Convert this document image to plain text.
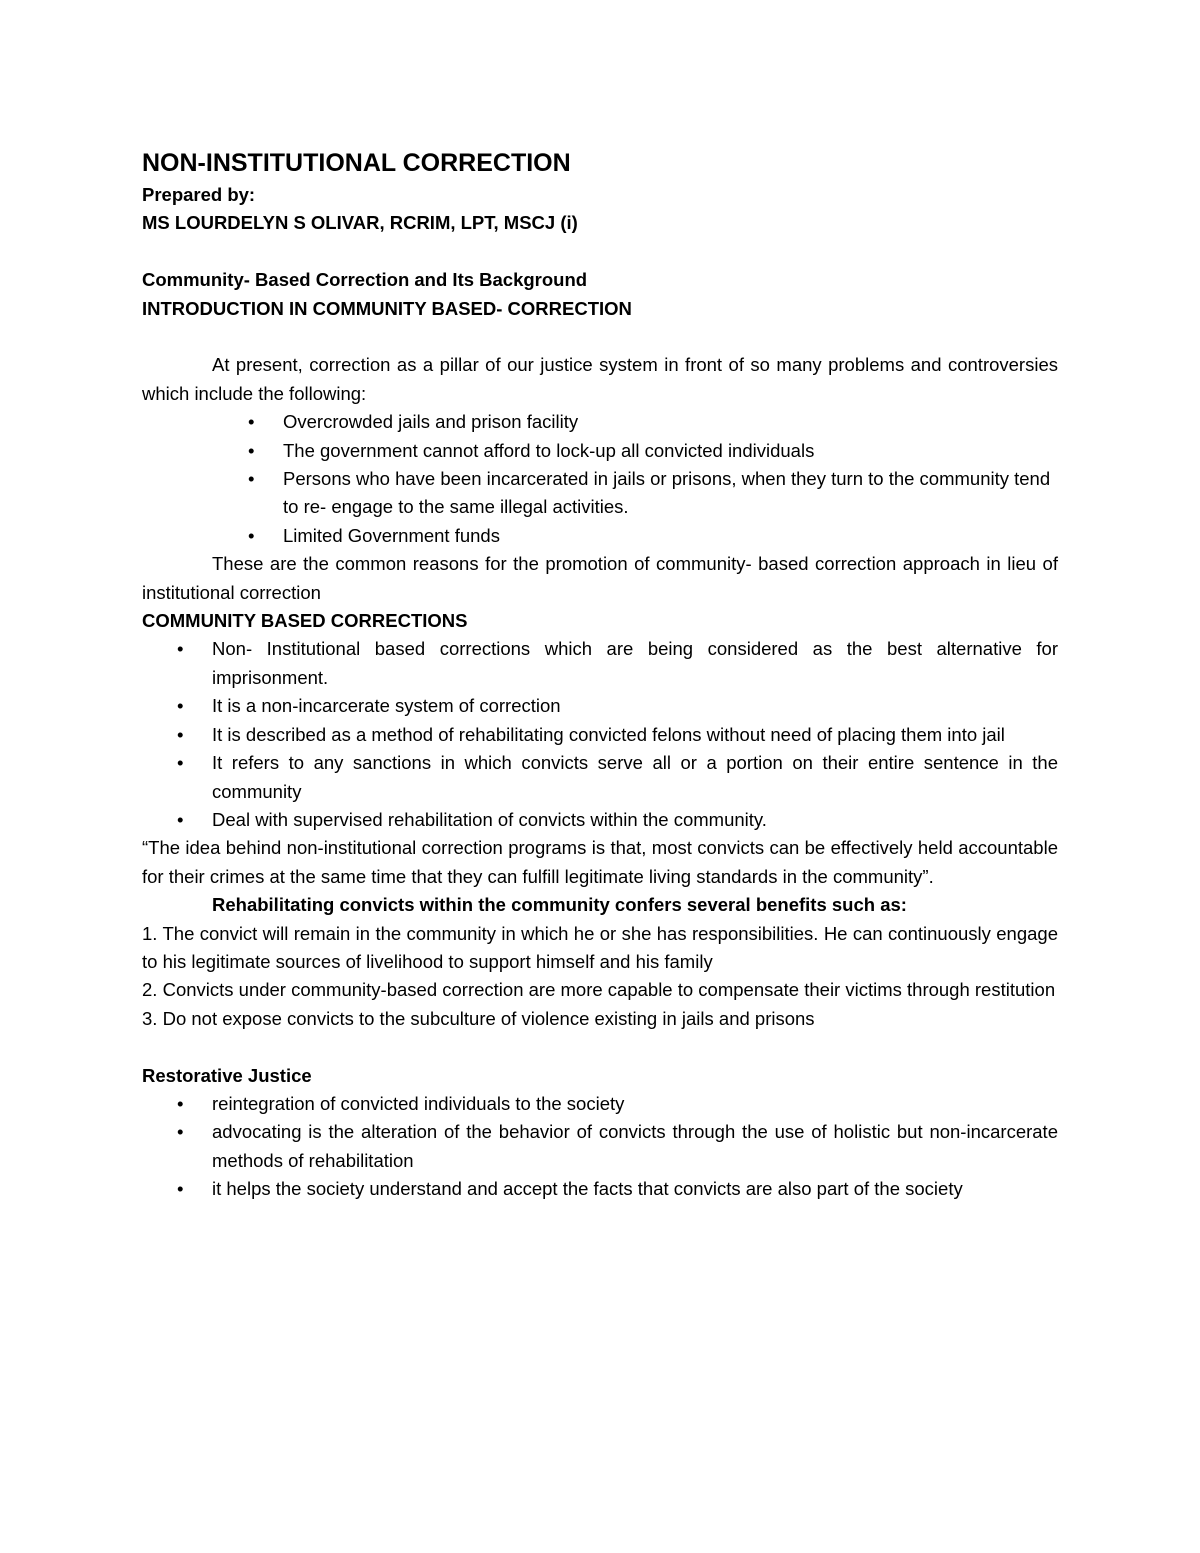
NON-INSTITUTIONAL CORRECTION

Prepared by:

MS LOURDELYN S OLIVAR, RCRIM, LPT, MSCJ (i)

Community- Based Correction and Its Background

INTRODUCTION IN COMMUNITY BASED- CORRECTION

At present, correction as a pillar of our justice system in front of so many problems and controversies which include the following:

• Overcrowded jails and prison facility
• The government cannot afford to lock-up all convicted individuals
• Persons who have been incarcerated in jails or prisons, when they turn to the community tend to re- engage to the same illegal activities.
• Limited Government funds

These are the common reasons for the promotion of community- based correction approach in lieu of institutional correction

COMMUNITY BASED CORRECTIONS

• Non- Institutional based corrections which are being considered as the best alternative for imprisonment.
• It is a non-incarcerate system of correction
• It is described as a method of rehabilitating convicted felons without need of placing them into jail
• It refers to any sanctions in which convicts serve all or a portion on their entire sentence in the community
• Deal with supervised rehabilitation of convicts within the community.

“The idea behind non-institutional correction programs is that, most convicts can be effectively held accountable for their crimes at the same time that they can fulfill legitimate living standards in the community”.

Rehabilitating convicts within the community confers several benefits such as:

1. The convict will remain in the community in which he or she has responsibilities. He can continuously engage to his legitimate sources of livelihood to support himself and his family

2. Convicts under community-based correction are more capable to compensate their victims through restitution

3. Do not expose convicts to the subculture of violence existing in jails and prisons

Restorative Justice

• reintegration of convicted individuals to the society
• advocating is the alteration of the behavior of convicts through the use of holistic but non-incarcerate methods of rehabilitation
• it helps the society understand and accept the facts that convicts are also part of the society
